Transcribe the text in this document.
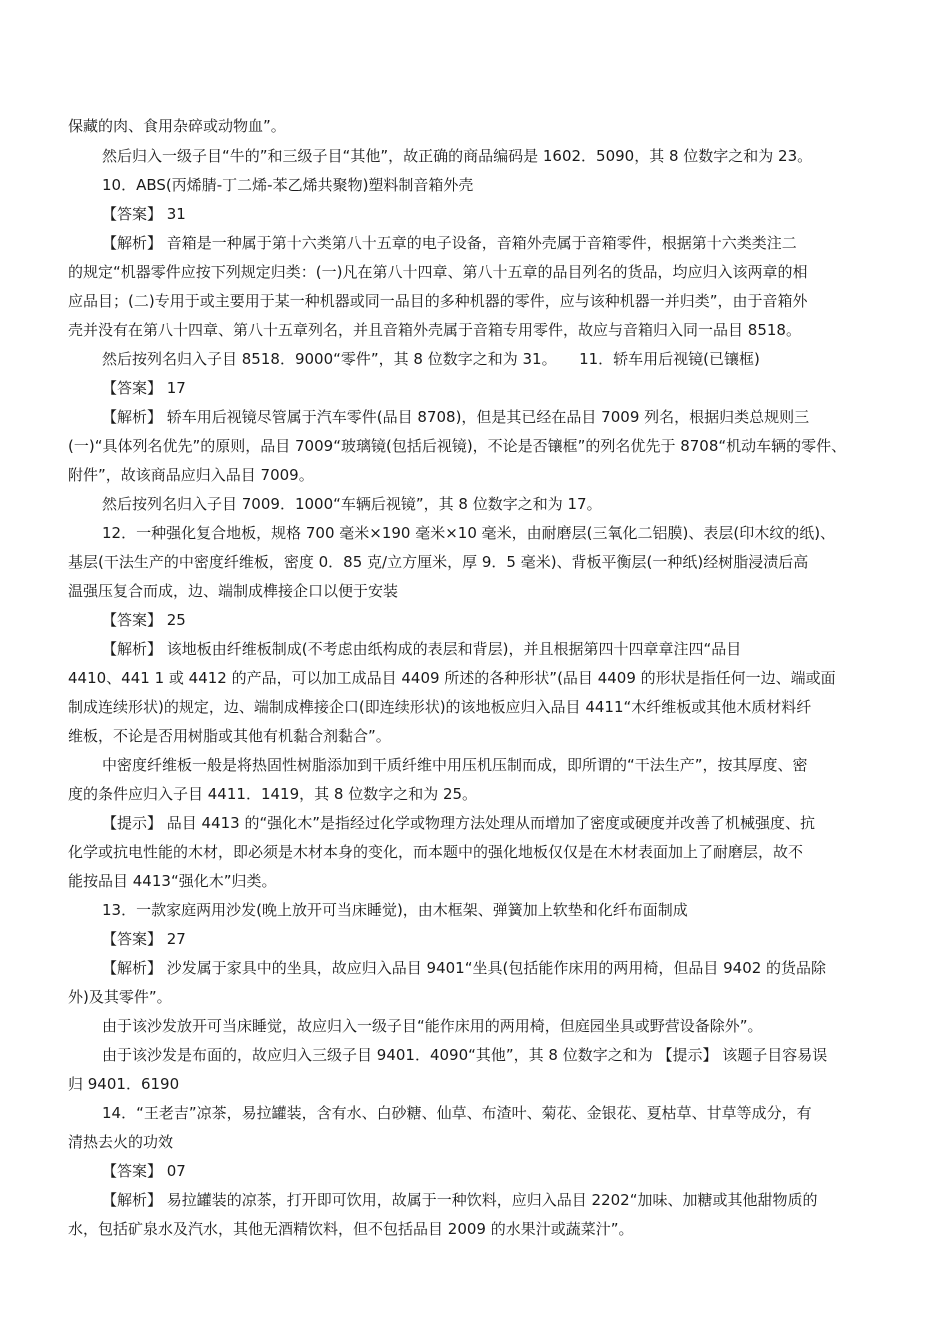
保藏的肉、食用杂碎或动物血”。
然后归入一级子目“牛的”和三级子目“其他”，故正确的商品编码是 1602．5090，其 8 位数字之和为 23。
10．ABS(丙烯腈-丁二烯-苯乙烯共聚物)塑料制音箱外壳
【答案】 31
【解析】 音箱是一种属于第十六类第八十五章的电子设备，音箱外壳属于音箱零件，根据第十六类类注二
的规定“机器零件应按下列规定归类：(一)凡在第八十四章、第八十五章的品目列名的货品，均应归入该两章的相
应品目；(二)专用于或主要用于某一种机器或同一品目的多种机器的零件，应与该种机器一并归类”，由于音箱外
壳并没有在第八十四章、第八十五章列名，并且音箱外壳属于音箱专用零件，故应与音箱归入同一品目 8518。
然后按列名归入子目 8518．9000“零件”，其 8 位数字之和为 31。　　11．轿车用后视镜(已镶框)
【答案】 17
【解析】 轿车用后视镜尽管属于汽车零件(品目 8708)，但是其已经在品目 7009 列名，根据归类总规则三
(一)“具体列名优先”的原则，品目 7009“玻璃镜(包括后视镜)，不论是否镶框”的列名优先于 8708“机动车辆的零件、
附件”，故该商品应归入品目 7009。
然后按列名归入子目 7009．1000“车辆后视镜”，其 8 位数字之和为 17。
12．一种强化复合地板，规格 700 毫米×190 毫米×10 毫米，由耐磨层(三氧化二铝膜)、表层(印木纹的纸)、
基层(干法生产的中密度纤维板，密度 0．85 克/立方厘米，厚 9．5 毫米)、背板平衡层(一种纸)经树脂浸渍后高
温强压复合而成，边、端制成榫接企口以便于安装
【答案】 25
【解析】 该地板由纤维板制成(不考虑由纸构成的表层和背层)，并且根据第四十四章章注四“品目
4410、441 1 或 4412 的产品，可以加工成品目 4409 所述的各种形状”(品目 4409 的形状是指任何一边、端或面
制成连续形状)的规定，边、端制成榫接企口(即连续形状)的该地板应归入品目 4411“木纤维板或其他木质材料纤
维板，不论是否用树脂或其他有机黏合剂黏合”。
中密度纤维板一般是将热固性树脂添加到干质纤维中用压机压制而成，即所谓的“干法生产”，按其厚度、密
度的条件应归入子目 4411．1419，其 8 位数字之和为 25。
【提示】 品目 4413 的“强化木”是指经过化学或物理方法处理从而增加了密度或硬度并改善了机械强度、抗
化学或抗电性能的木材，即必须是木材本身的变化，而本题中的强化地板仅仅是在木材表面加上了耐磨层，故不
能按品目 4413“强化木”归类。
13．一款家庭两用沙发(晚上放开可当床睡觉)，由木框架、弹簧加上软垫和化纤布面制成
【答案】 27
【解析】 沙发属于家具中的坐具，故应归入品目 9401“坐具(包括能作床用的两用椅，但品目 9402 的货品除
外)及其零件”。
由于该沙发放开可当床睡觉，故应归入一级子目“能作床用的两用椅，但庭园坐具或野营设备除外”。
由于该沙发是布面的，故应归入三级子目 9401．4090“其他”，其 8 位数字之和为 【提示】 该题子目容易误
归 9401．6190
14．“王老吉”凉茶，易拉罐装，含有水、白砂糖、仙草、布渣叶、菊花、金银花、夏枯草、甘草等成分，有
清热去火的功效
【答案】 07
【解析】 易拉罐装的凉茶，打开即可饮用，故属于一种饮料，应归入品目 2202“加味、加糖或其他甜物质的
水，包括矿泉水及汽水，其他无酒精饮料，但不包括品目 2009 的水果汁或蔬菜汁”。
